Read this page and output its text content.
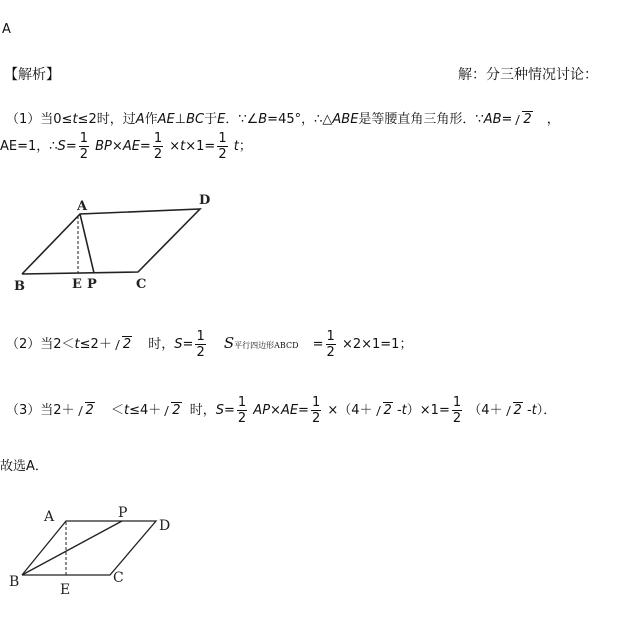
A
【解析】	解：分三种情况讨论：
（1）当0≤t≤2时，过A作AE⊥BC于E．∵∠B=45°，∴△ABE是等腰直角三角形．∵AB= 2 ，
AE=1，∴S= $\frac{1}{2} BP\times AE= \frac{1}{2} \times t\times 1= \frac{1}{2}$ t；
A	D
B	E P	C
（2）当2＜t≤2＋ 2 时，$S= \frac{1}{2}$ S平行四边形ABCD = $\frac{1}{2} \times 2\times 1=1$；
（3）当2＋ 2 ＜t≤4＋ 2 时，$S= \frac{1}{2} AP\times AE= \frac{1}{2} \times(4+ 2$ $-t)\times 1= \frac{1}{2} (4+ 2$ -t）．
故选A．
A	P
D
B	E
C
